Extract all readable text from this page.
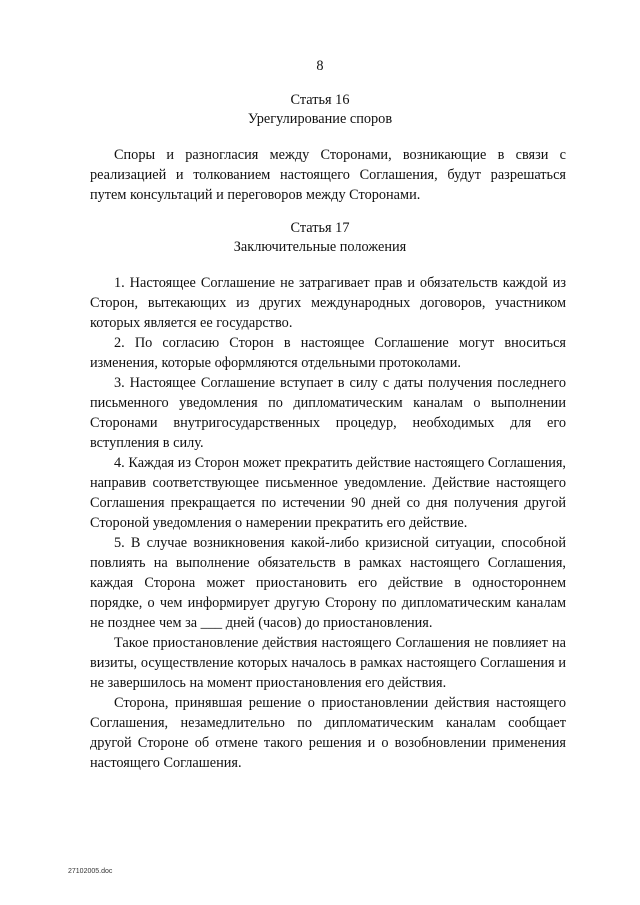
8
Статья 16
Урегулирование споров

Споры и разногласия между Сторонами, возникающие в связи с реализацией и толкованием настоящего Соглашения, будут разрешаться путем консультаций и переговоров между Сторонами.

Статья 17
Заключительные положения

1. Настоящее Соглашение не затрагивает прав и обязательств каждой из Сторон, вытекающих из других международных договоров, участником которых является ее государство.

2. По согласию Сторон в настоящее Соглашение могут вноситься изменения, которые оформляются отдельными протоколами.

3. Настоящее Соглашение вступает в силу с даты получения последнего письменного уведомления по дипломатическим каналам о выполнении Сторонами внутригосударственных процедур, необходимых для его вступления в силу.

4. Каждая из Сторон может прекратить действие настоящего Соглашения, направив соответствующее письменное уведомление. Действие настоящего Соглашения прекращается по истечении 90 дней со дня получения другой Стороной уведомления о намерении прекратить его действие.

5. В случае возникновения какой-либо кризисной ситуации, способной повлиять на выполнение обязательств в рамках настоящего Соглашения, каждая Сторона может приостановить его действие в одностороннем порядке, о чем информирует другую Сторону по дипломатическим каналам не позднее чем за ___ дней (часов) до приостановления.

Такое приостановление действия настоящего Соглашения не повлияет на визиты, осуществление которых началось в рамках настоящего Соглашения и не завершилось на момент приостановления его действия.

Сторона, принявшая решение о приостановлении действия настоящего Соглашения, незамедлительно по дипломатическим каналам сообщает другой Стороне об отмене такого решения и о возобновлении применения настоящего Соглашения.

27102005.doc
